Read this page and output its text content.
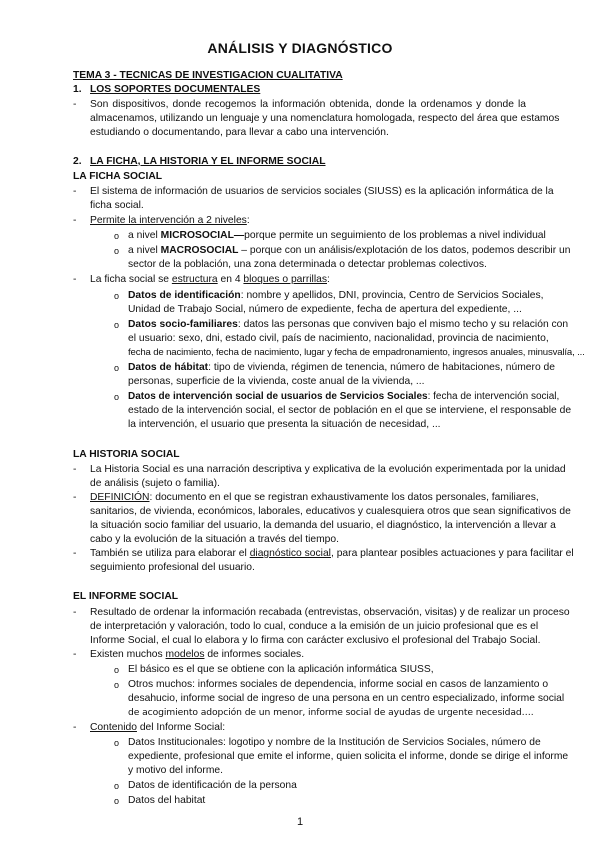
ANÁLISIS Y DIAGNÓSTICO
TEMA 3 - TECNICAS DE INVESTIGACION CUALITATIVA
1. LOS SOPORTES DOCUMENTALES
- Son dispositivos, donde recogemos la información obtenida, donde la ordenamos y donde la
almacenamos, utilizando un lenguaje y una nomenclatura homologada, respecto del área que estamos
estudiando o documentando, para llevar a cabo una intervención.
2. LA FICHA, LA HISTORIA Y EL INFORME SOCIAL
LA FICHA SOCIAL
- El sistema de información de usuarios de servicios sociales (SIUSS) es la aplicación informática de la
ficha social.
- Permite la intervención a 2 niveles:
o a nivel MICROSOCIAL—porque permite un seguimiento de los problemas a nivel individual
o a nivel MACROSOCIAL – porque con un análisis/explotación de los datos, podemos describir un
sector de la población, una zona determinada o detectar problemas colectivos.
- La ficha social se estructura en 4 bloques o parrillas:
o Datos de identificación: nombre y apellidos, DNI, provincia, Centro de Servicios Sociales,
Unidad de Trabajo Social, número de expediente, fecha de apertura del expediente, ...
o Datos socio-familiares: datos las personas que conviven bajo el mismo techo y su relación con
el usuario: sexo, dni, estado civil, país de nacimiento, nacionalidad, provincia de nacimiento,
fecha de nacimiento, fecha de nacimiento, lugar y fecha de empadronamiento, ingresos anuales, minusvalía, ...
o Datos de hábitat: tipo de vivienda, régimen de tenencia, número de habitaciones, número de
personas, superficie de la vivienda, coste anual de la vivienda, ...
o Datos de intervención social de usuarios de Servicios Sociales: fecha de intervención social,
estado de la intervención social, el sector de población en el que se interviene, el responsable de
la intervención, el usuario que presenta la situación de necesidad, ...
LA HISTORIA SOCIAL
- La Historia Social es una narración descriptiva y explicativa de la evolución experimentada por la unidad
de análisis (sujeto o familia).
- DEFINICIÓN: documento en el que se registran exhaustivamente los datos personales, familiares,
sanitarios, de vivienda, económicos, laborales, educativos y cualesquiera otros que sean significativos de
la situación socio familiar del usuario, la demanda del usuario, el diagnóstico, la intervención a llevar a
cabo y la evolución de la situación a través del tiempo.
- También se utiliza para elaborar el diagnóstico social, para plantear posibles actuaciones y para facilitar el
seguimiento profesional del usuario.
EL INFORME SOCIAL
- Resultado de ordenar la información recabada (entrevistas, observación, visitas) y de realizar un proceso
de interpretación y valoración, todo lo cual, conduce a la emisión de un juicio profesional que es el
Informe Social, el cual lo elabora y lo firma con carácter exclusivo el profesional del Trabajo Social.
- Existen muchos modelos de informes sociales.
o El básico es el que se obtiene con la aplicación informática SIUSS,
o Otros muchos: informes sociales de dependencia, informe social en casos de lanzamiento o
desahucio, informe social de ingreso de una persona en un centro especializado, informe social
de acogimiento adopción de un menor, informe social de ayudas de urgente necesidad….
- Contenido del Informe Social:
o Datos Institucionales: logotipo y nombre de la Institución de Servicios Sociales, número de
expediente, profesional que emite el informe, quien solicita el informe, donde se dirige el informe
y motivo del informe.
o Datos de identificación de la persona
o Datos del habitat
1
